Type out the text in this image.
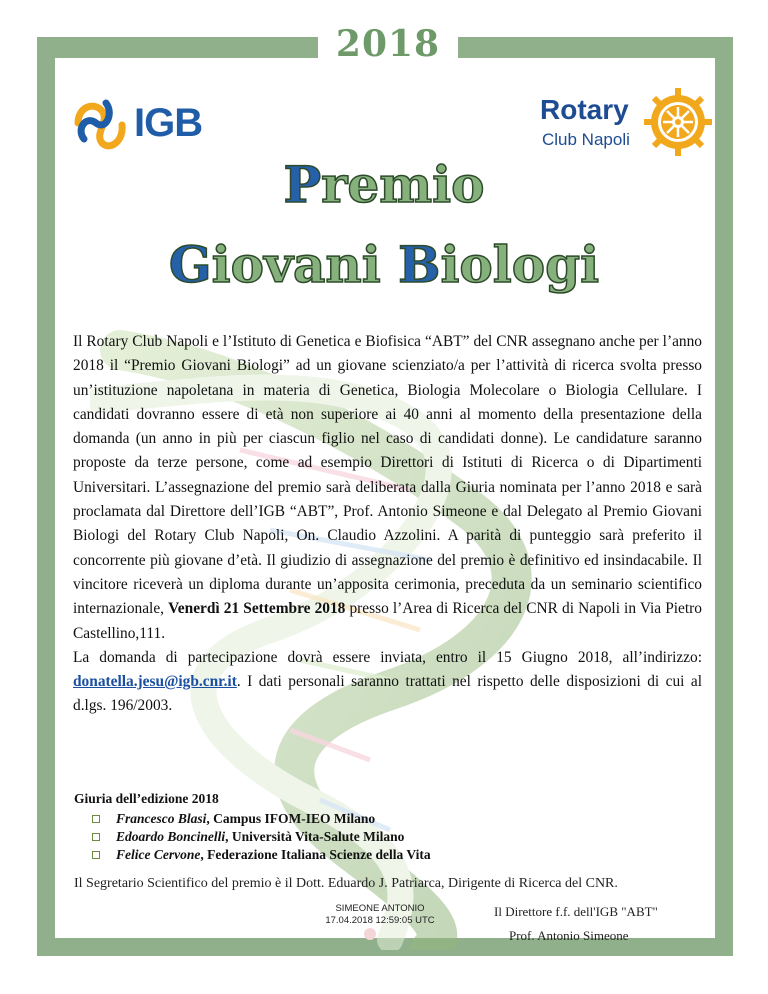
2018
IGB	Rotary
Club Napoli
Premio
Giovani Biologi

Il Rotary Club Napoli e l’Istituto di Genetica e Biofisica “ABT” del CNR assegnano anche per l’anno 2018 il “Premio Giovani Biologi” ad un giovane scienziato/a per l’attività di ricerca svolta presso un’istituzione napoletana in materia di Genetica, Biologia Molecolare o Biologia Cellulare. I candidati dovranno essere di età non superiore ai 40 anni al momento della presentazione della domanda (un anno in più per ciascun figlio nel caso di candidati donne). Le candidature saranno proposte da terze persone, come ad esempio Direttori di Istituti di Ricerca o di Dipartimenti Universitari. L’assegnazione del premio sarà deliberata dalla Giuria nominata per l’anno 2018 e sarà proclamata dal Direttore dell’IGB “ABT”, Prof. Antonio Simeone e dal Delegato al Premio Giovani Biologi del Rotary Club Napoli, On. Claudio Azzolini. A parità di punteggio sarà preferito il concorrente più giovane d’età. Il giudizio di assegnazione del premio è definitivo ed insindacabile. Il vincitore riceverà un diploma durante un’apposita cerimonia, preceduta da un seminario scientifico internazionale, Venerdì 21 Settembre 2018 presso l’Area di Ricerca del CNR di Napoli in Via Pietro Castellino,111.

La domanda di partecipazione dovrà essere inviata, entro il 15 Giugno 2018, all’indirizzo: donatella.jesu@igb.cnr.it. I dati personali saranno trattati nel rispetto delle disposizioni di cui al d.lgs. 196/2003.

Giuria dell’edizione 2018
Francesco Blasi , Campus IFOM-IEO Milano
Edoardo Boncinelli , Università Vita-Salute Milano
Felice Cervone , Federazione Italiana Scienze della Vita
Il Segretario Scientifico del premio è il Dott. Eduardo J. Patriarca, Dirigente di Ricerca del CNR.
SIMEONE ANTONIO
17.04.2018 12:59:05 UTC
Il Direttore f.f. dell'IGB "ABT"
Prof. Antonio Simeone
